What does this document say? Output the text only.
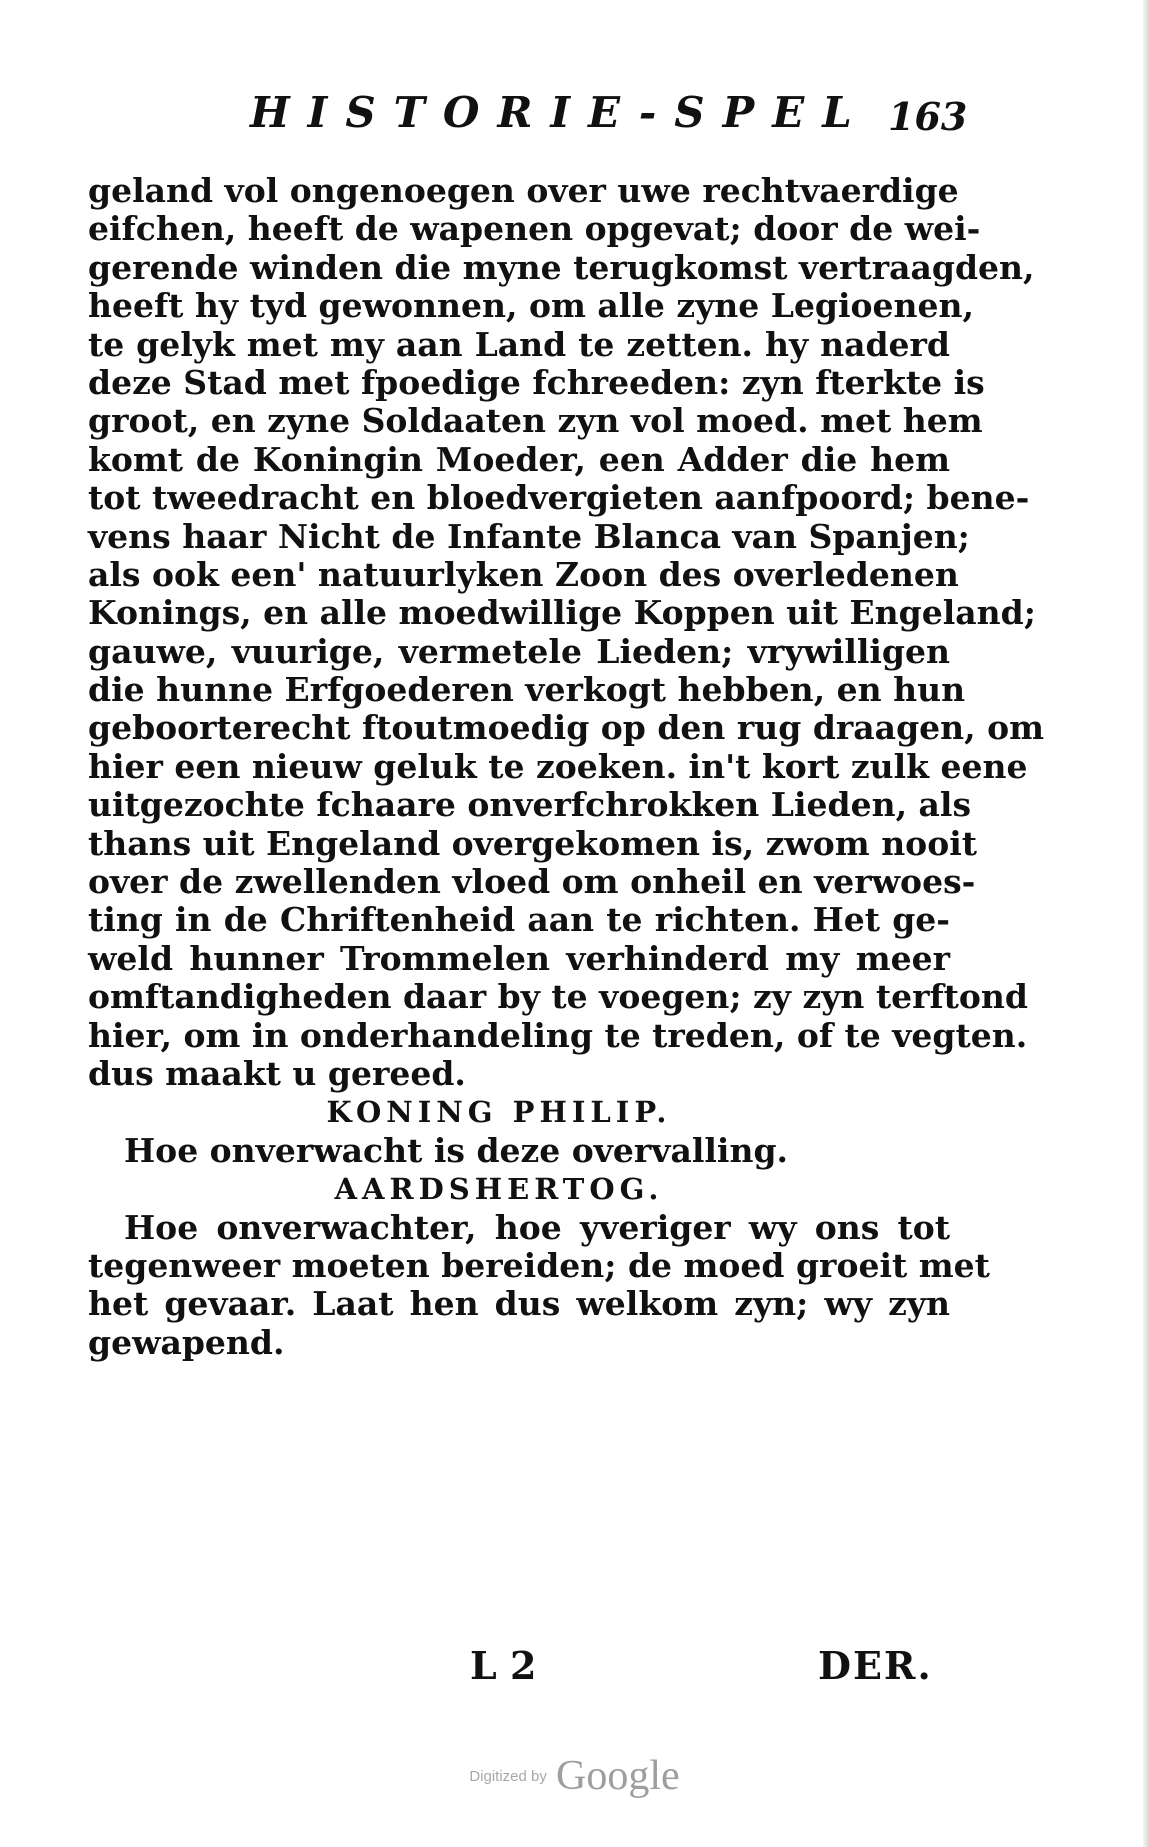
HISTORIE-SPEL 163
geland vol ongenoegen over uwe rechtvaerdige
eifchen, heeft de wapenen opgevat; door de wei-
gerende winden die myne terugkomst vertraagden,
heeft hy tyd gewonnen, om alle zyne Legioenen,
te gelyk met my aan Land te zetten. hy naderd
deze Stad met fpoedige fchreeden: zyn fterkte is
groot, en zyne Soldaaten zyn vol moed. met hem
komt de Koningin Moeder, een Adder die hem
tot tweedracht en bloedvergieten aanfpoord; bene-
vens haar Nicht de Infante Blanca van Spanjen;
als ook een' natuurlyken Zoon des overledenen
Konings, en alle moedwillige Koppen uit Engeland;
gauwe, vuurige, vermetele Lieden; vrywilligen
die hunne Erfgoederen verkogt hebben, en hun
geboorterecht ftoutmoedig op den rug draagen, om
hier een nieuw geluk te zoeken. in't kort zulk eene
uitgezochte fchaare onverfchrokken Lieden, als
thans uit Engeland overgekomen is, zwom nooit
over de zwellenden vloed om onheil en verwoes-
ting in de Chriftenheid aan te richten. Het ge-
weld hunner Trommelen verhinderd my meer
omftandigheden daar by te voegen; zy zyn terftond
hier, om in onderhandeling te treden, of te vegten.
dus maakt u gereed.
KONING PHILIP.
Hoe onverwacht is deze overvalling.
AARDSHERTOG.
Hoe onverwachter, hoe yveriger wy ons tot
tegenweer moeten bereiden; de moed groeit met
het gevaar. Laat hen dus welkom zyn; wy zyn
gewapend.
L 2	DER.
Digitized by Google
